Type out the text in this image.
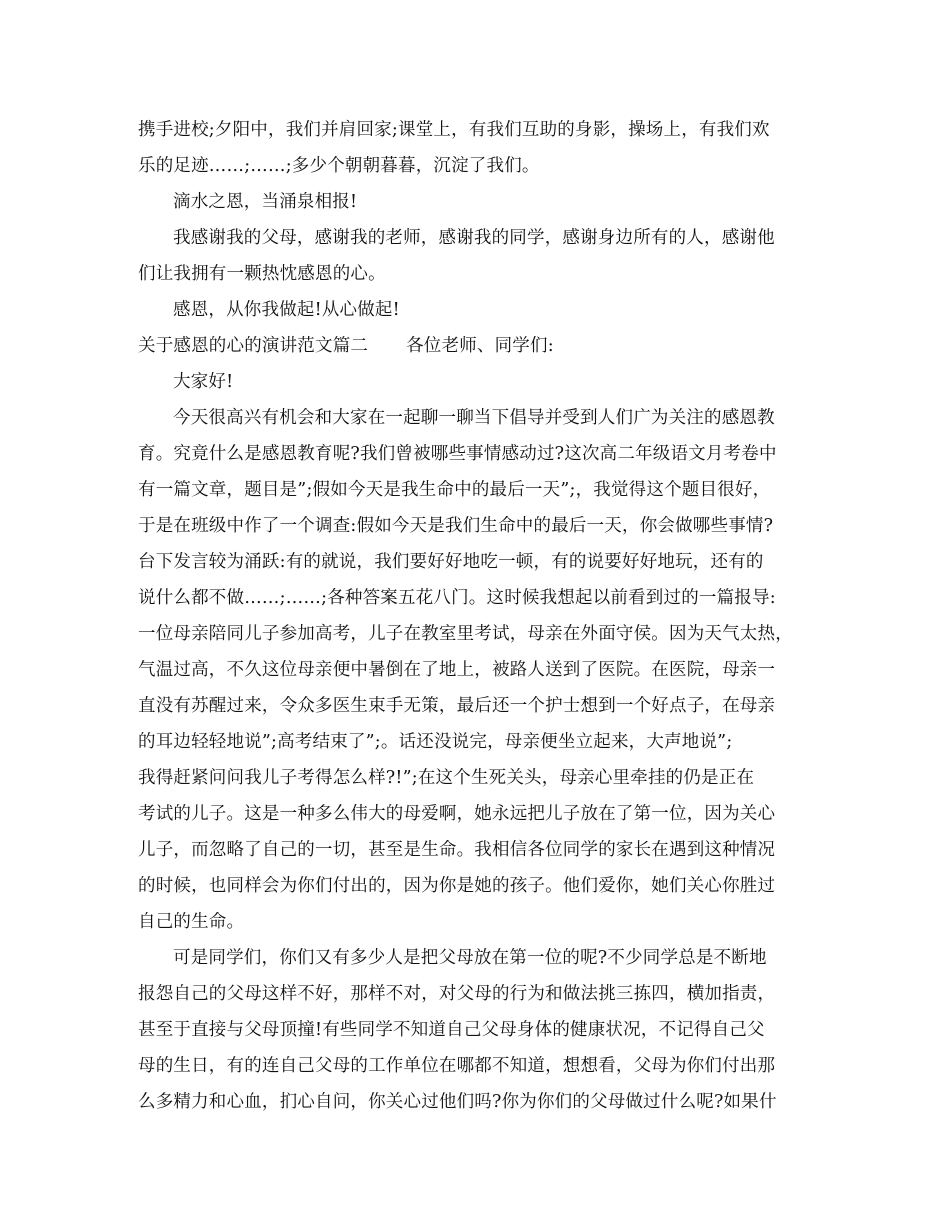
携手进校;夕阳中，我们并肩回家;课堂上，有我们互助的身影，操场上，有我们欢
乐的足迹……;……;多少个朝朝暮暮，沉淀了我们。
滴水之恩，当涌泉相报!
我感谢我的父母，感谢我的老师，感谢我的同学，感谢身边所有的人，感谢他
们让我拥有一颗热忱感恩的心。
感恩，从你我做起!从心做起!
关于感恩的心的演讲范文篇二 各位老师、同学们:
大家好!
今天很高兴有机会和大家在一起聊一聊当下倡导并受到人们广为关注的感恩教
育。究竟什么是感恩教育呢?我们曾被哪些事情感动过?这次高二年级语文月考卷中
有一篇文章，题目是”;假如今天是我生命中的最后一天”;，我觉得这个题目很好，
于是在班级中作了一个调查:假如今天是我们生命中的最后一天，你会做哪些事情?
台下发言较为涌跃:有的就说，我们要好好地吃一顿，有的说要好好地玩，还有的
说什么都不做……;……;各种答案五花八门。这时候我想起以前看到过的一篇报导:
一位母亲陪同儿子参加高考，儿子在教室里考试，母亲在外面守侯。因为天气太热，
气温过高，不久这位母亲便中暑倒在了地上，被路人送到了医院。在医院，母亲一
直没有苏醒过来，令众多医生束手无策，最后还一个护士想到一个好点子，在母亲
的耳边轻轻地说”;高考结束了”;。话还没说完，母亲便坐立起来，大声地说”;
我得赶紧问问我儿子考得怎么样?!”;在这个生死关头，母亲心里牵挂的仍是正在
考试的儿子。这是一种多么伟大的母爱啊，她永远把儿子放在了第一位，因为关心
儿子，而忽略了自己的一切，甚至是生命。我相信各位同学的家长在遇到这种情况
的时候，也同样会为你们付出的，因为你是她的孩子。他们爱你，她们关心你胜过
自己的生命。
可是同学们，你们又有多少人是把父母放在第一位的呢?不少同学总是不断地
报怨自己的父母这样不好，那样不对，对父母的行为和做法挑三拣四，横加指责，
甚至于直接与父母顶撞!有些同学不知道自己父母身体的健康状况，不记得自己父
母的生日，有的连自己父母的工作单位在哪都不知道，想想看，父母为你们付出那
么多精力和心血，扪心自问，你关心过他们吗?你为你们的父母做过什么呢?如果什
